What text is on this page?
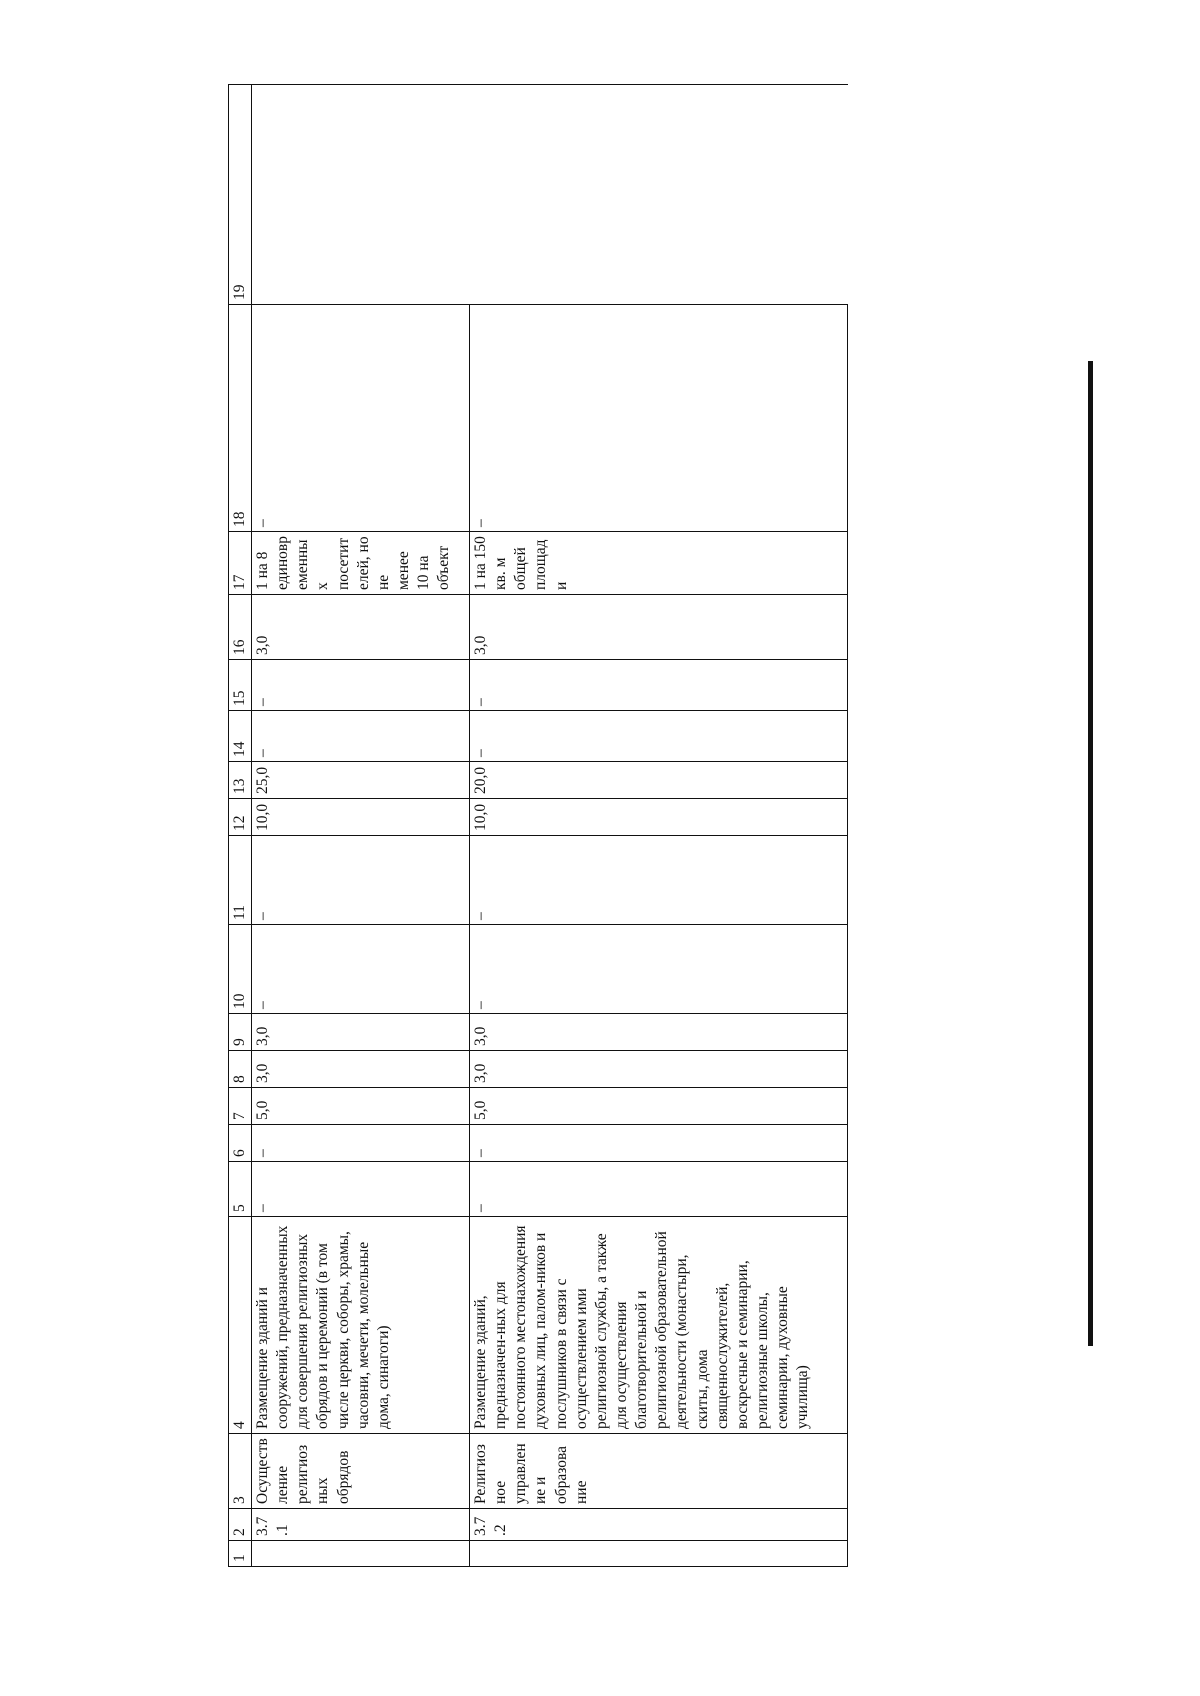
1	2	3	4	5	6	7	8	9	10	11	12	13	14	15	16	17	18	19
	3.7.1	Осуществление религиозных обрядов	Размещение зданий и сооружений, предназначенных для совершения религиозных обрядов и церемоний (в том числе церкви, соборы, храмы, часовни, мечети, молельные дома, синагоги)	–	–	5,0	3,0	3,0	–	–	10,0	25,0	–	–	3,0	1 на 8 единовременных посетителей, но не менее 10 на объект	–	
	3.7.2	Религиозное управление и образование	Размещение зданий, предназначен-ных для постоянного местонахождения духовных лиц, палом-ников и послушников в связи с осуществлением ими религиозной службы, а также для осуществления благотворительной и религиозной образовательной деятельности (монастыри, скиты, дома священнослужителей, воскресные и семинарии, религиозные школы, семинарии, духовные училища)	–	–	5,0	3,0	3,0	–	–	10,0	20,0	–	–	3,0	1 на 150 кв. м общей площади	–	
